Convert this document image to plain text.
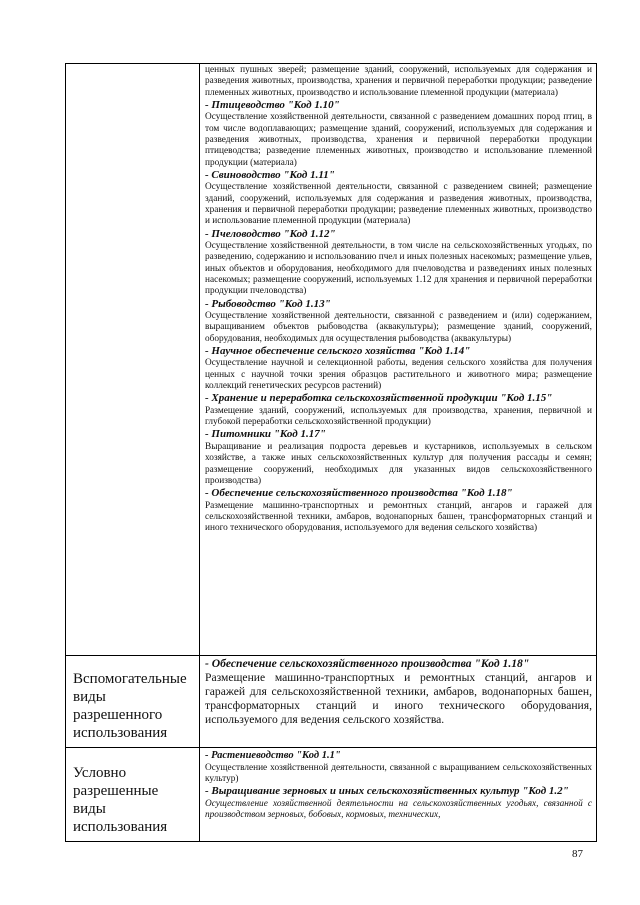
ценных пушных зверей; размещение зданий, сооружений, используемых для содержания и разведения животных, производства, хранения и первичной переработки продукции; разведение племенных животных, производство и использование племенной продукции (материала)

- Птицеводство "Код 1.10"

Осуществление хозяйственной деятельности, связанной с разведением домашних пород птиц, в том числе водоплавающих; размещение зданий, сооружений, используемых для содержания и разведения животных, производства, хранения и первичной переработки продукции птицеводства; разведение племенных животных, производство и использование племенной продукции (материала)

- Свиноводство "Код 1.11"

Осуществление хозяйственной деятельности, связанной с разведением свиней; размещение зданий, сооружений, используемых для содержания и разведения животных, производства, хранения и первичной переработки продукции; разведение племенных животных, производство и использование племенной продукции (материала)

- Пчеловодство "Код 1.12"

Осуществление хозяйственной деятельности, в том числе на сельскохозяйственных угодьях, по разведению, содержанию и использованию пчел и иных полезных насекомых; размещение ульев, иных объектов и оборудования, необходимого для пчеловодства и разведениях иных полезных насекомых; размещение сооружений, используемых 1.12 для хранения и первичной переработки продукции пчеловодства)

- Рыбоводство "Код 1.13"

Осуществление хозяйственной деятельности, связанной с разведением и (или) содержанием, выращиванием объектов рыбоводства (аквакультуры); размещение зданий, сооружений, оборудования, необходимых для осуществления рыбоводства (аквакультуры)

- Научное обеспечение сельского хозяйства "Код 1.14"

Осуществление научной и селекционной работы, ведения сельского хозяйства для получения ценных с научной точки зрения образцов растительного и животного мира; размещение коллекций генетических ресурсов растений)

- Хранение и переработка сельскохозяйственной продукции "Код 1.15"

Размещение зданий, сооружений, используемых для производства, хранения, первичной и глубокой переработки сельскохозяйственной продукции)

- Питомники "Код 1.17"

Выращивание и реализация подроста деревьев и кустарников, используемых в сельском хозяйстве, а также иных сельскохозяйственных культур для получения рассады и семян; размещение сооружений, необходимых для указанных видов сельскохозяйственного производства)

- Обеспечение сельскохозяйственного производства "Код 1.18"

Размещение машинно-транспортных и ремонтных станций, ангаров и гаражей для сельскохозяйственной техники, амбаров, водонапорных башен, трансформаторных станций и иного технического оборудования, используемого для ведения сельского хозяйства)

Вспомогательные
виды
разрешенного
использования

- Обеспечение сельскохозяйственного производства "Код 1.18"

Размещение машинно-транспортных и ремонтных станций, ангаров и гаражей для сельскохозяйственной техники, амбаров, водонапорных башен, трансформаторных станций и иного технического оборудования, используемого для ведения сельского хозяйства.

Условно
разрешенные
виды
использования

- Растениеводство "Код 1.1"

Осуществление хозяйственной деятельности, связанной с выращиванием сельскохозяйственных культур)

- Выращивание зерновых и иных сельскохозяйственных культур "Код 1.2"

Осуществление хозяйственной деятельности на сельскохозяйственных угодьях, связанной с производством зерновых, бобовых, кормовых, технических,

87
